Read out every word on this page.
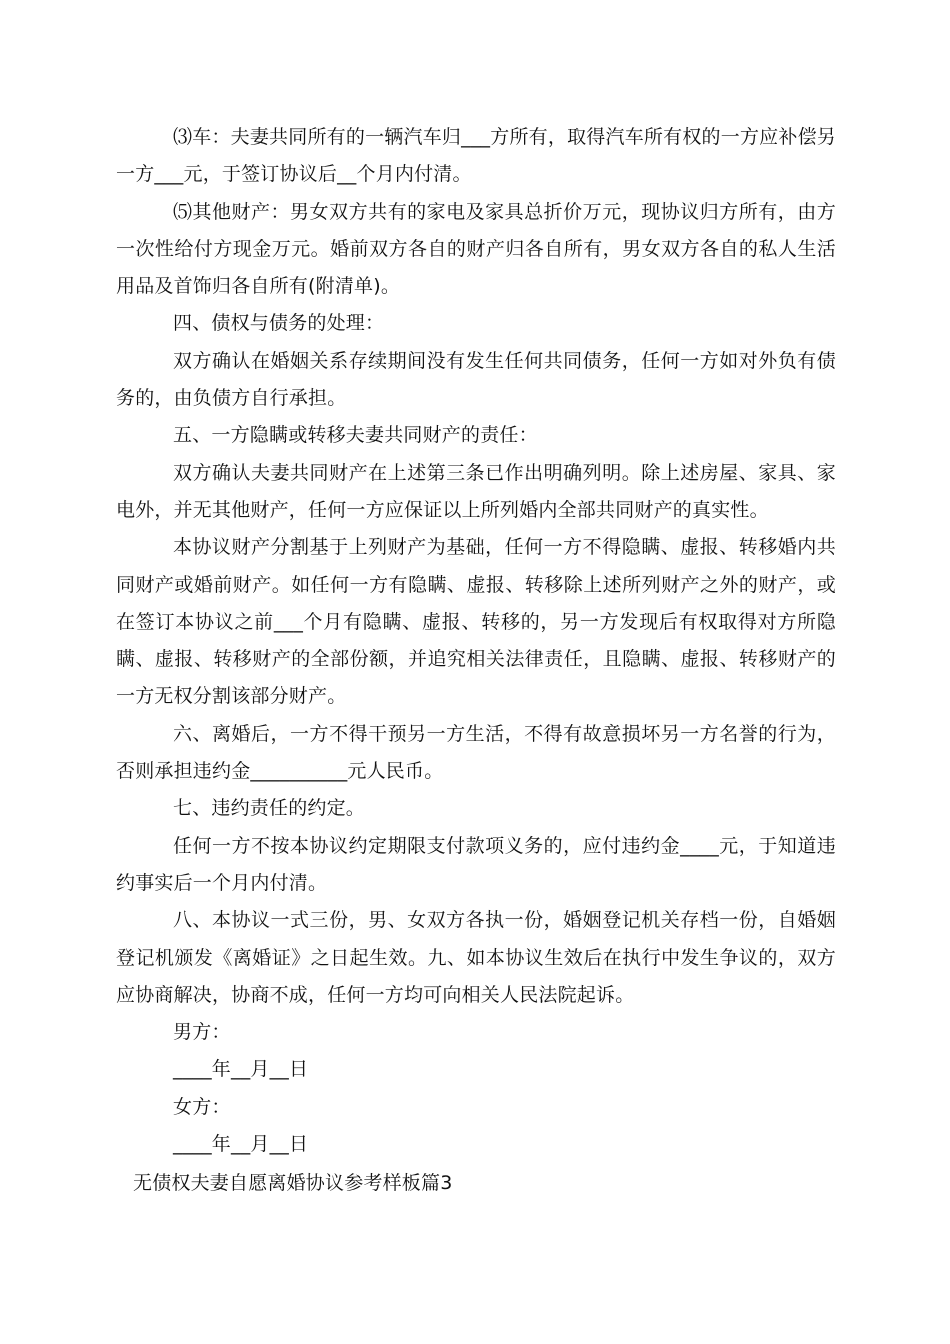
⑶车：夫妻共同所有的一辆汽车归___方所有，取得汽车所有权的一方应补偿另一方___元，于签订协议后__个月内付清。

⑸其他财产：男女双方共有的家电及家具总折价万元，现协议归方所有，由方一次性给付方现金万元。婚前双方各自的财产归各自所有，男女双方各自的私人生活用品及首饰归各自所有(附清单)。

四、债权与债务的处理：

双方确认在婚姻关系存续期间没有发生任何共同债务，任何一方如对外负有债务的，由负债方自行承担。

五、一方隐瞒或转移夫妻共同财产的责任：

双方确认夫妻共同财产在上述第三条已作出明确列明。除上述房屋、家具、家电外，并无其他财产，任何一方应保证以上所列婚内全部共同财产的真实性。

本协议财产分割基于上列财产为基础，任何一方不得隐瞒、虚报、转移婚内共同财产或婚前财产。如任何一方有隐瞒、虚报、转移除上述所列财产之外的财产，或在签订本协议之前___个月有隐瞒、虚报、转移的，另一方发现后有权取得对方所隐瞒、虚报、转移财产的全部份额，并追究相关法律责任，且隐瞒、虚报、转移财产的一方无权分割该部分财产。

六、离婚后，一方不得干预另一方生活，不得有故意损坏另一方名誉的行为，否则承担违约金__________元人民币。

七、违约责任的约定。

任何一方不按本协议约定期限支付款项义务的，应付违约金____元，于知道违约事实后一个月内付清。

八、本协议一式三份，男、女双方各执一份，婚姻登记机关存档一份，自婚姻登记机颁发《离婚证》之日起生效。九、如本协议生效后在执行中发生争议的，双方应协商解决，协商不成，任何一方均可向相关人民法院起诉。

男方：

____年__月__日

女方：

____年__月__日

无债权夫妻自愿离婚协议参考样板篇3
